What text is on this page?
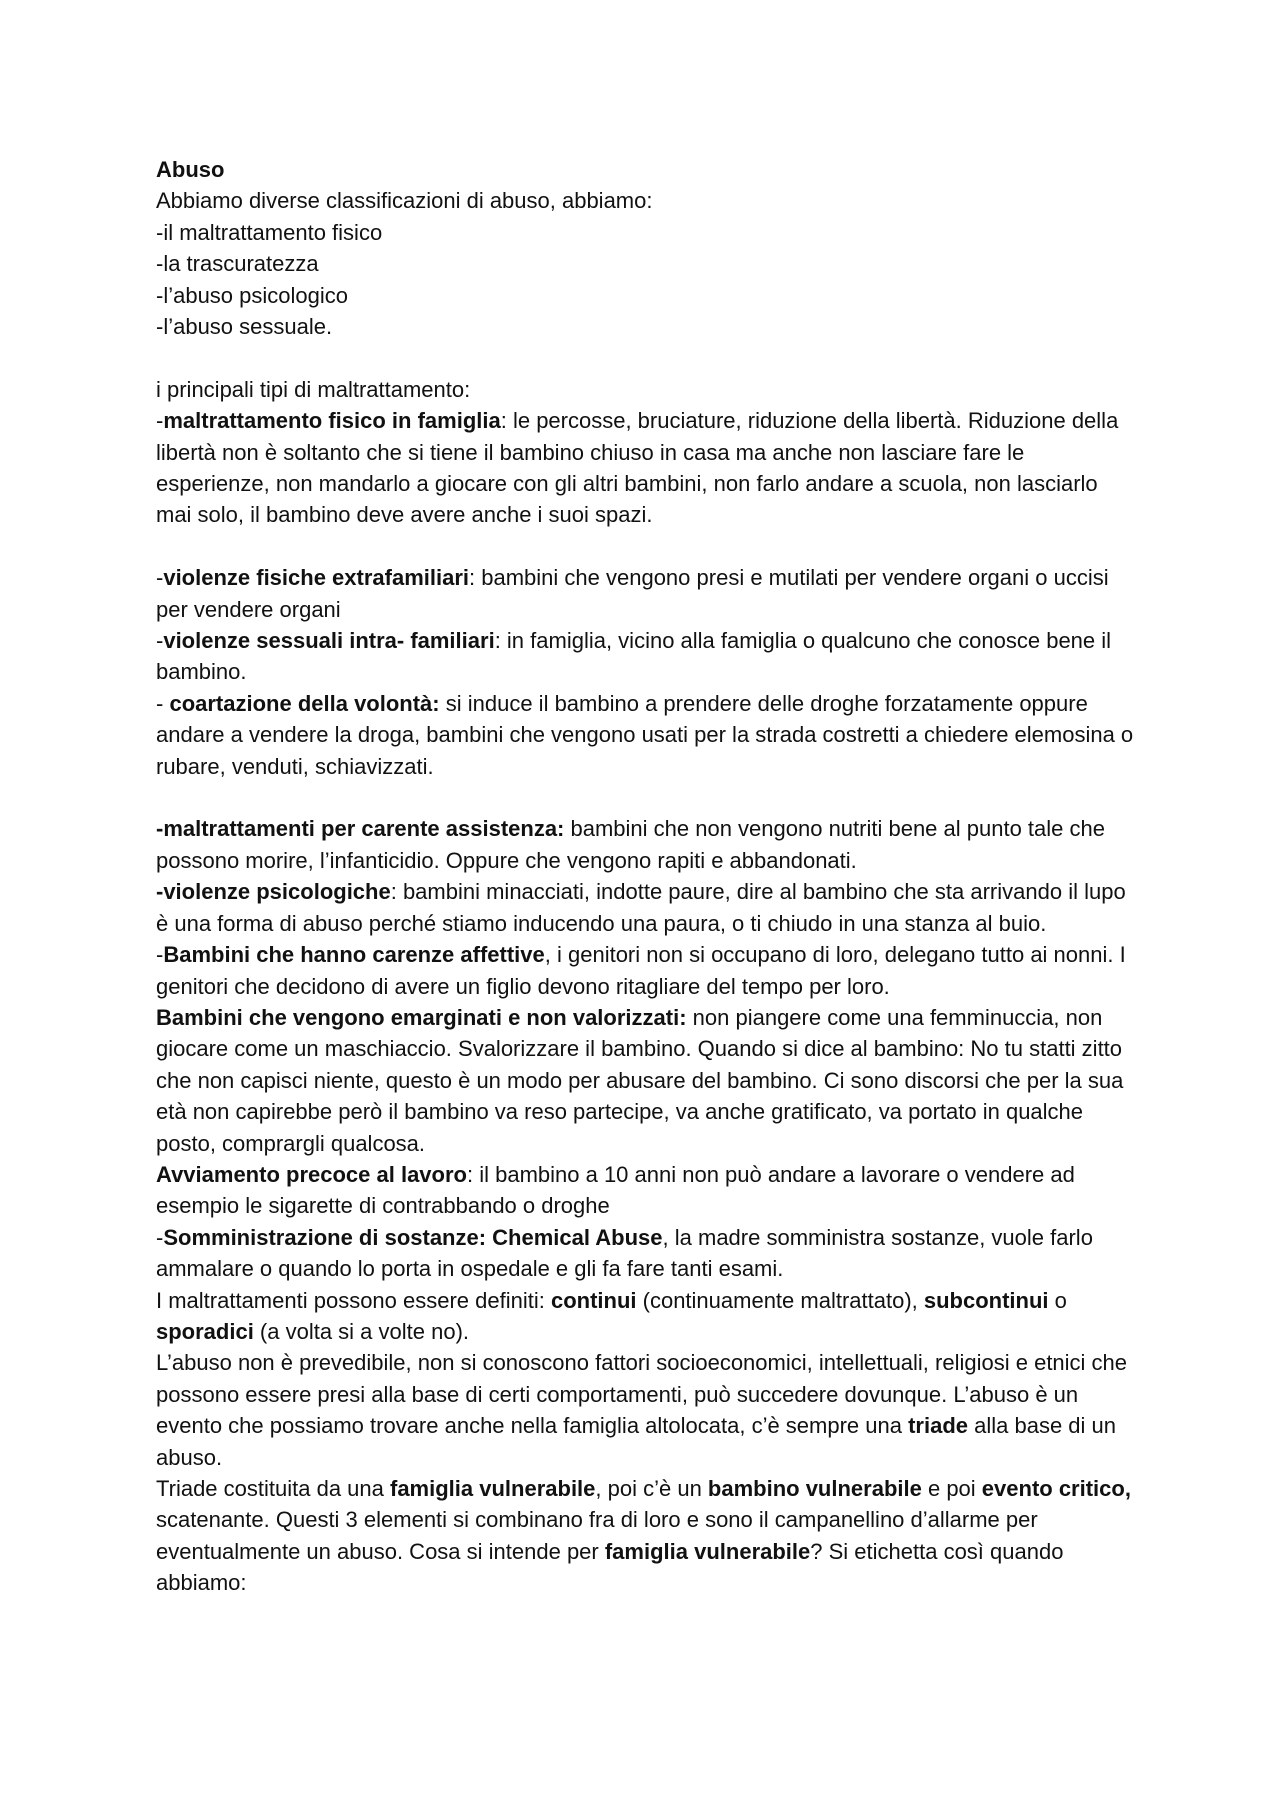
Abuso

Abbiamo diverse classificazioni di abuso, abbiamo:

-il maltrattamento fisico

-la trascuratezza

-l’abuso psicologico

-l’abuso sessuale.

i principali tipi di maltrattamento:

-maltrattamento fisico in famiglia: le percosse, bruciature, riduzione della libertà. Riduzione della libertà non è soltanto che si tiene il bambino chiuso in casa ma anche non lasciare fare le esperienze, non mandarlo a giocare con gli altri bambini, non farlo andare a scuola, non lasciarlo mai solo, il bambino deve avere anche i suoi spazi.

-violenze fisiche extrafamiliari: bambini che vengono presi e mutilati per vendere organi o uccisi per vendere organi

-violenze sessuali intra- familiari: in famiglia, vicino alla famiglia o qualcuno che conosce bene il bambino.

- coartazione della volontà: si induce il bambino a prendere delle droghe forzatamente oppure andare a vendere la droga, bambini che vengono usati per la strada costretti a chiedere elemosina o rubare, venduti, schiavizzati.

-maltrattamenti per carente assistenza: bambini che non vengono nutriti bene al punto tale che possono morire, l’infanticidio. Oppure che vengono rapiti e abbandonati.

-violenze psicologiche: bambini minacciati, indotte paure, dire al bambino che sta arrivando il lupo è una forma di abuso perché stiamo inducendo una paura, o ti chiudo in una stanza al buio.

-Bambini che hanno carenze affettive, i genitori non si occupano di loro, delegano tutto ai nonni. I genitori che decidono di avere un figlio devono ritagliare del tempo per loro.

Bambini che vengono emarginati e non valorizzati: non piangere come una femminuccia, non giocare come un maschiaccio. Svalorizzare il bambino. Quando si dice al bambino: No tu statti zitto che non capisci niente, questo è un modo per abusare del bambino. Ci sono discorsi che per la sua età non capirebbe però il bambino va reso partecipe, va anche gratificato, va portato in qualche posto, comprargli qualcosa.

Avviamento precoce al lavoro: il bambino a 10 anni non può andare a lavorare o vendere ad esempio le sigarette di contrabbando o droghe

-Somministrazione di sostanze: Chemical Abuse, la madre somministra sostanze, vuole farlo ammalare o quando lo porta in ospedale e gli fa fare tanti esami.

I maltrattamenti possono essere definiti: continui (continuamente maltrattato), subcontinui o sporadici (a volta si a volte no).

L’abuso non è prevedibile, non si conoscono fattori socioeconomici, intellettuali, religiosi e etnici che possono essere presi alla base di certi comportamenti, può succedere dovunque. L’abuso è un evento che possiamo trovare anche nella famiglia altolocata, c’è sempre una triade alla base di un abuso.

Triade costituita da una famiglia vulnerabile, poi c’è un bambino vulnerabile e poi evento critico, scatenante. Questi 3 elementi si combinano fra di loro e sono il campanellino d’allarme per eventualmente un abuso. Cosa si intende per famiglia vulnerabile? Si etichetta così quando abbiamo:
